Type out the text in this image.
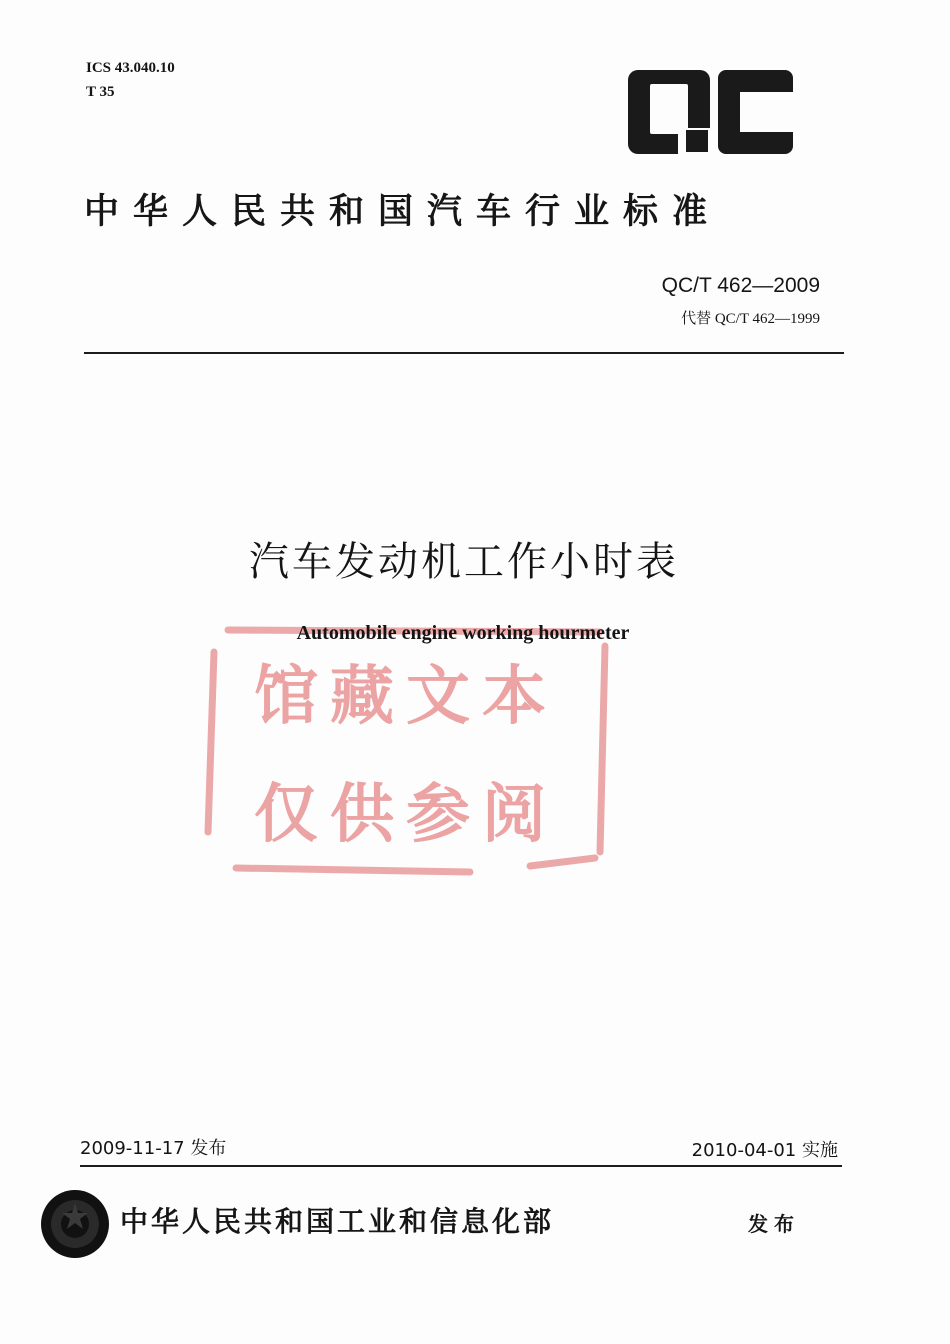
ICS 43.040.10
T 35
中华人民共和国汽车行业标准
QC/T 462—2009
代替 QC/T 462—1999
汽车发动机工作小时表
馆藏文本
仅供参阅
Automobile engine working hourmeter
2009-11-17 发布	2010-04-01 实施
中华人民共和国工业和信息化部	发布
